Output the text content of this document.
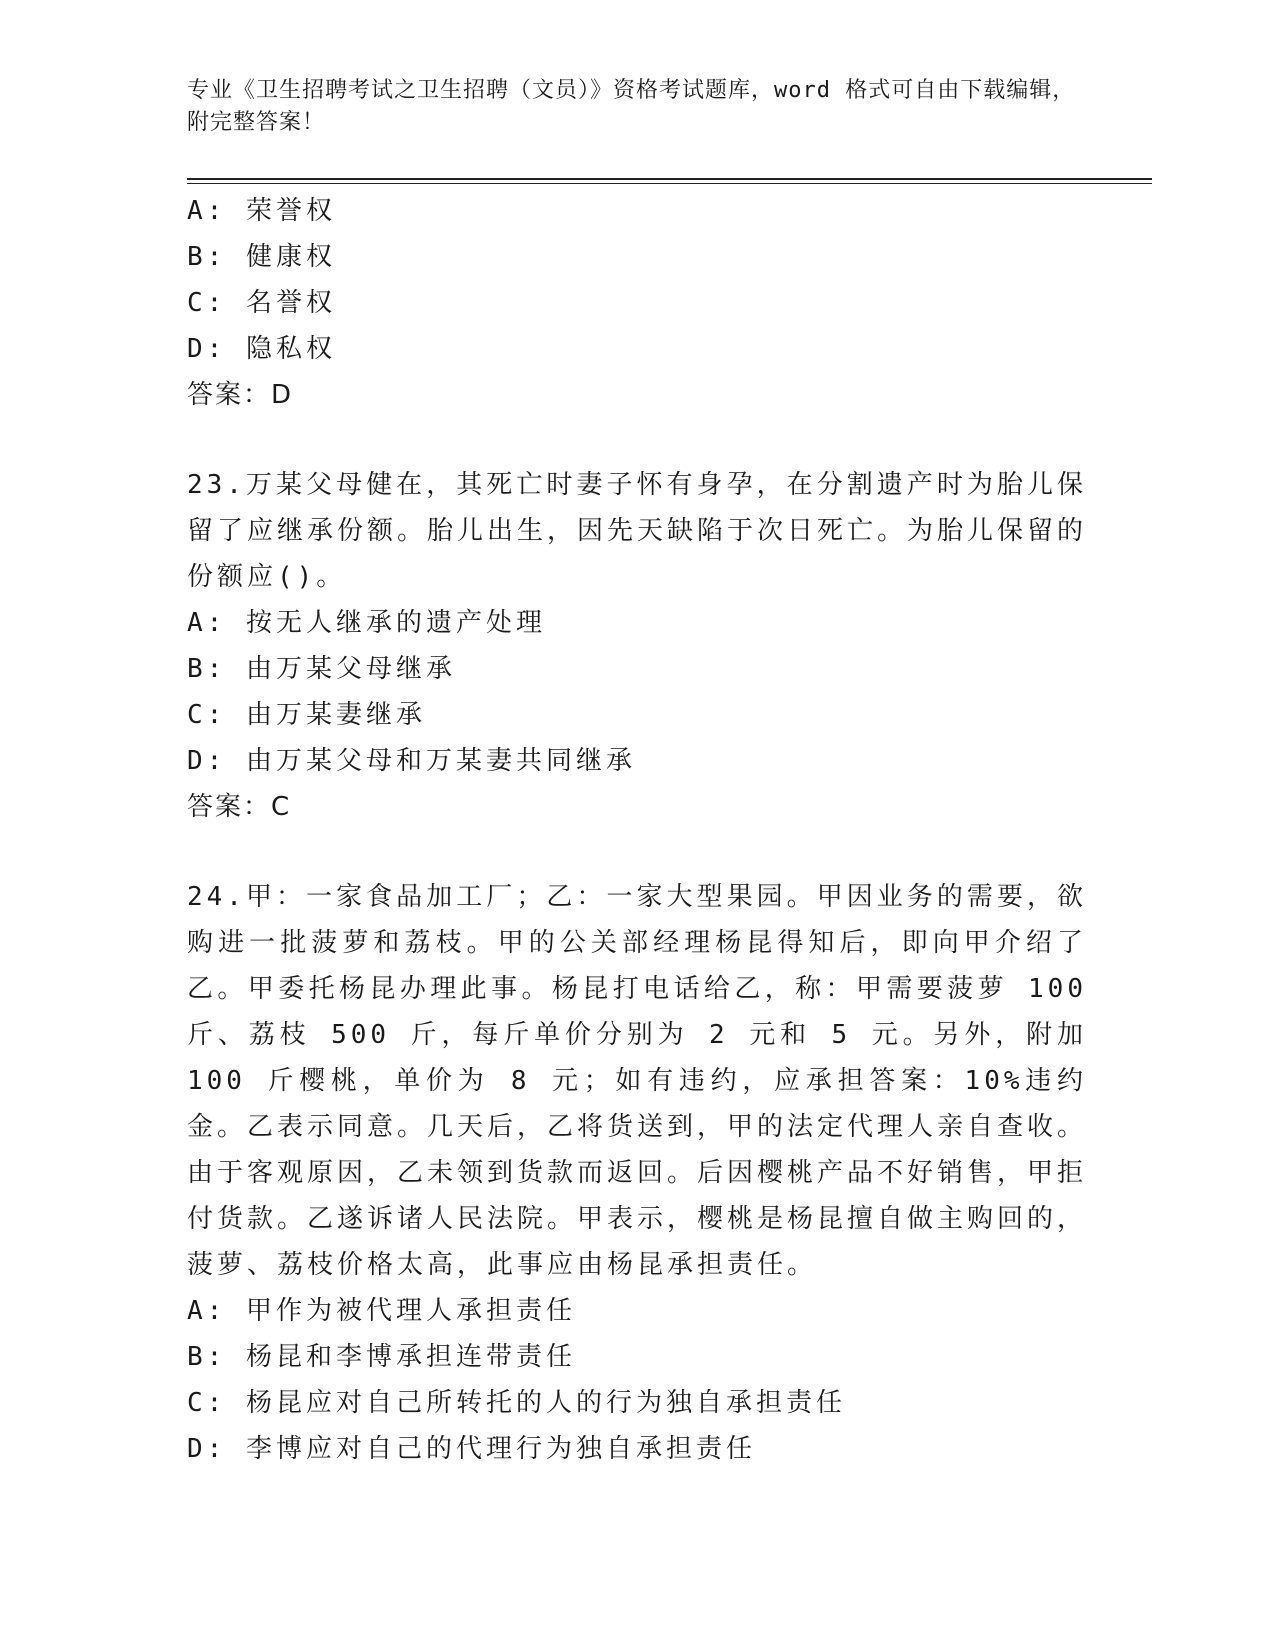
专业《卫生招聘考试之卫生招聘（文员）》资格考试题库，word 格式可自由下载编辑，附完整答案！
A: 荣誉权
B: 健康权
C: 名誉权
D: 隐私权
答案：D
23.万某父母健在，其死亡时妻子怀有身孕，在分割遗产时为胎儿保留了应继承份额。胎儿出生，因先天缺陷于次日死亡。为胎儿保留的份额应()。
A: 按无人继承的遗产处理
B: 由万某父母继承
C: 由万某妻继承
D: 由万某父母和万某妻共同继承
答案：C
24.甲：一家食品加工厂；乙：一家大型果园。甲因业务的需要，欲购进一批菠萝和荔枝。甲的公关部经理杨昆得知后，即向甲介绍了乙。甲委托杨昆办理此事。杨昆打电话给乙，称：甲需要菠萝 100 斤、荔枝 500 斤，每斤单价分别为 2 元和 5 元。另外，附加 100 斤樱桃，单价为 8 元；如有违约，应承担答案：10%违约金。乙表示同意。几天后，乙将货送到，甲的法定代理人亲自查收。由于客观原因，乙未领到货款而返回。后因樱桃产品不好销售，甲拒付货款。乙遂诉诸人民法院。甲表示，樱桃是杨昆擅自做主购回的，菠萝、荔枝价格太高，此事应由杨昆承担责任。
A: 甲作为被代理人承担责任
B: 杨昆和李博承担连带责任
C: 杨昆应对自己所转托的人的行为独自承担责任
D: 李博应对自己的代理行为独自承担责任
